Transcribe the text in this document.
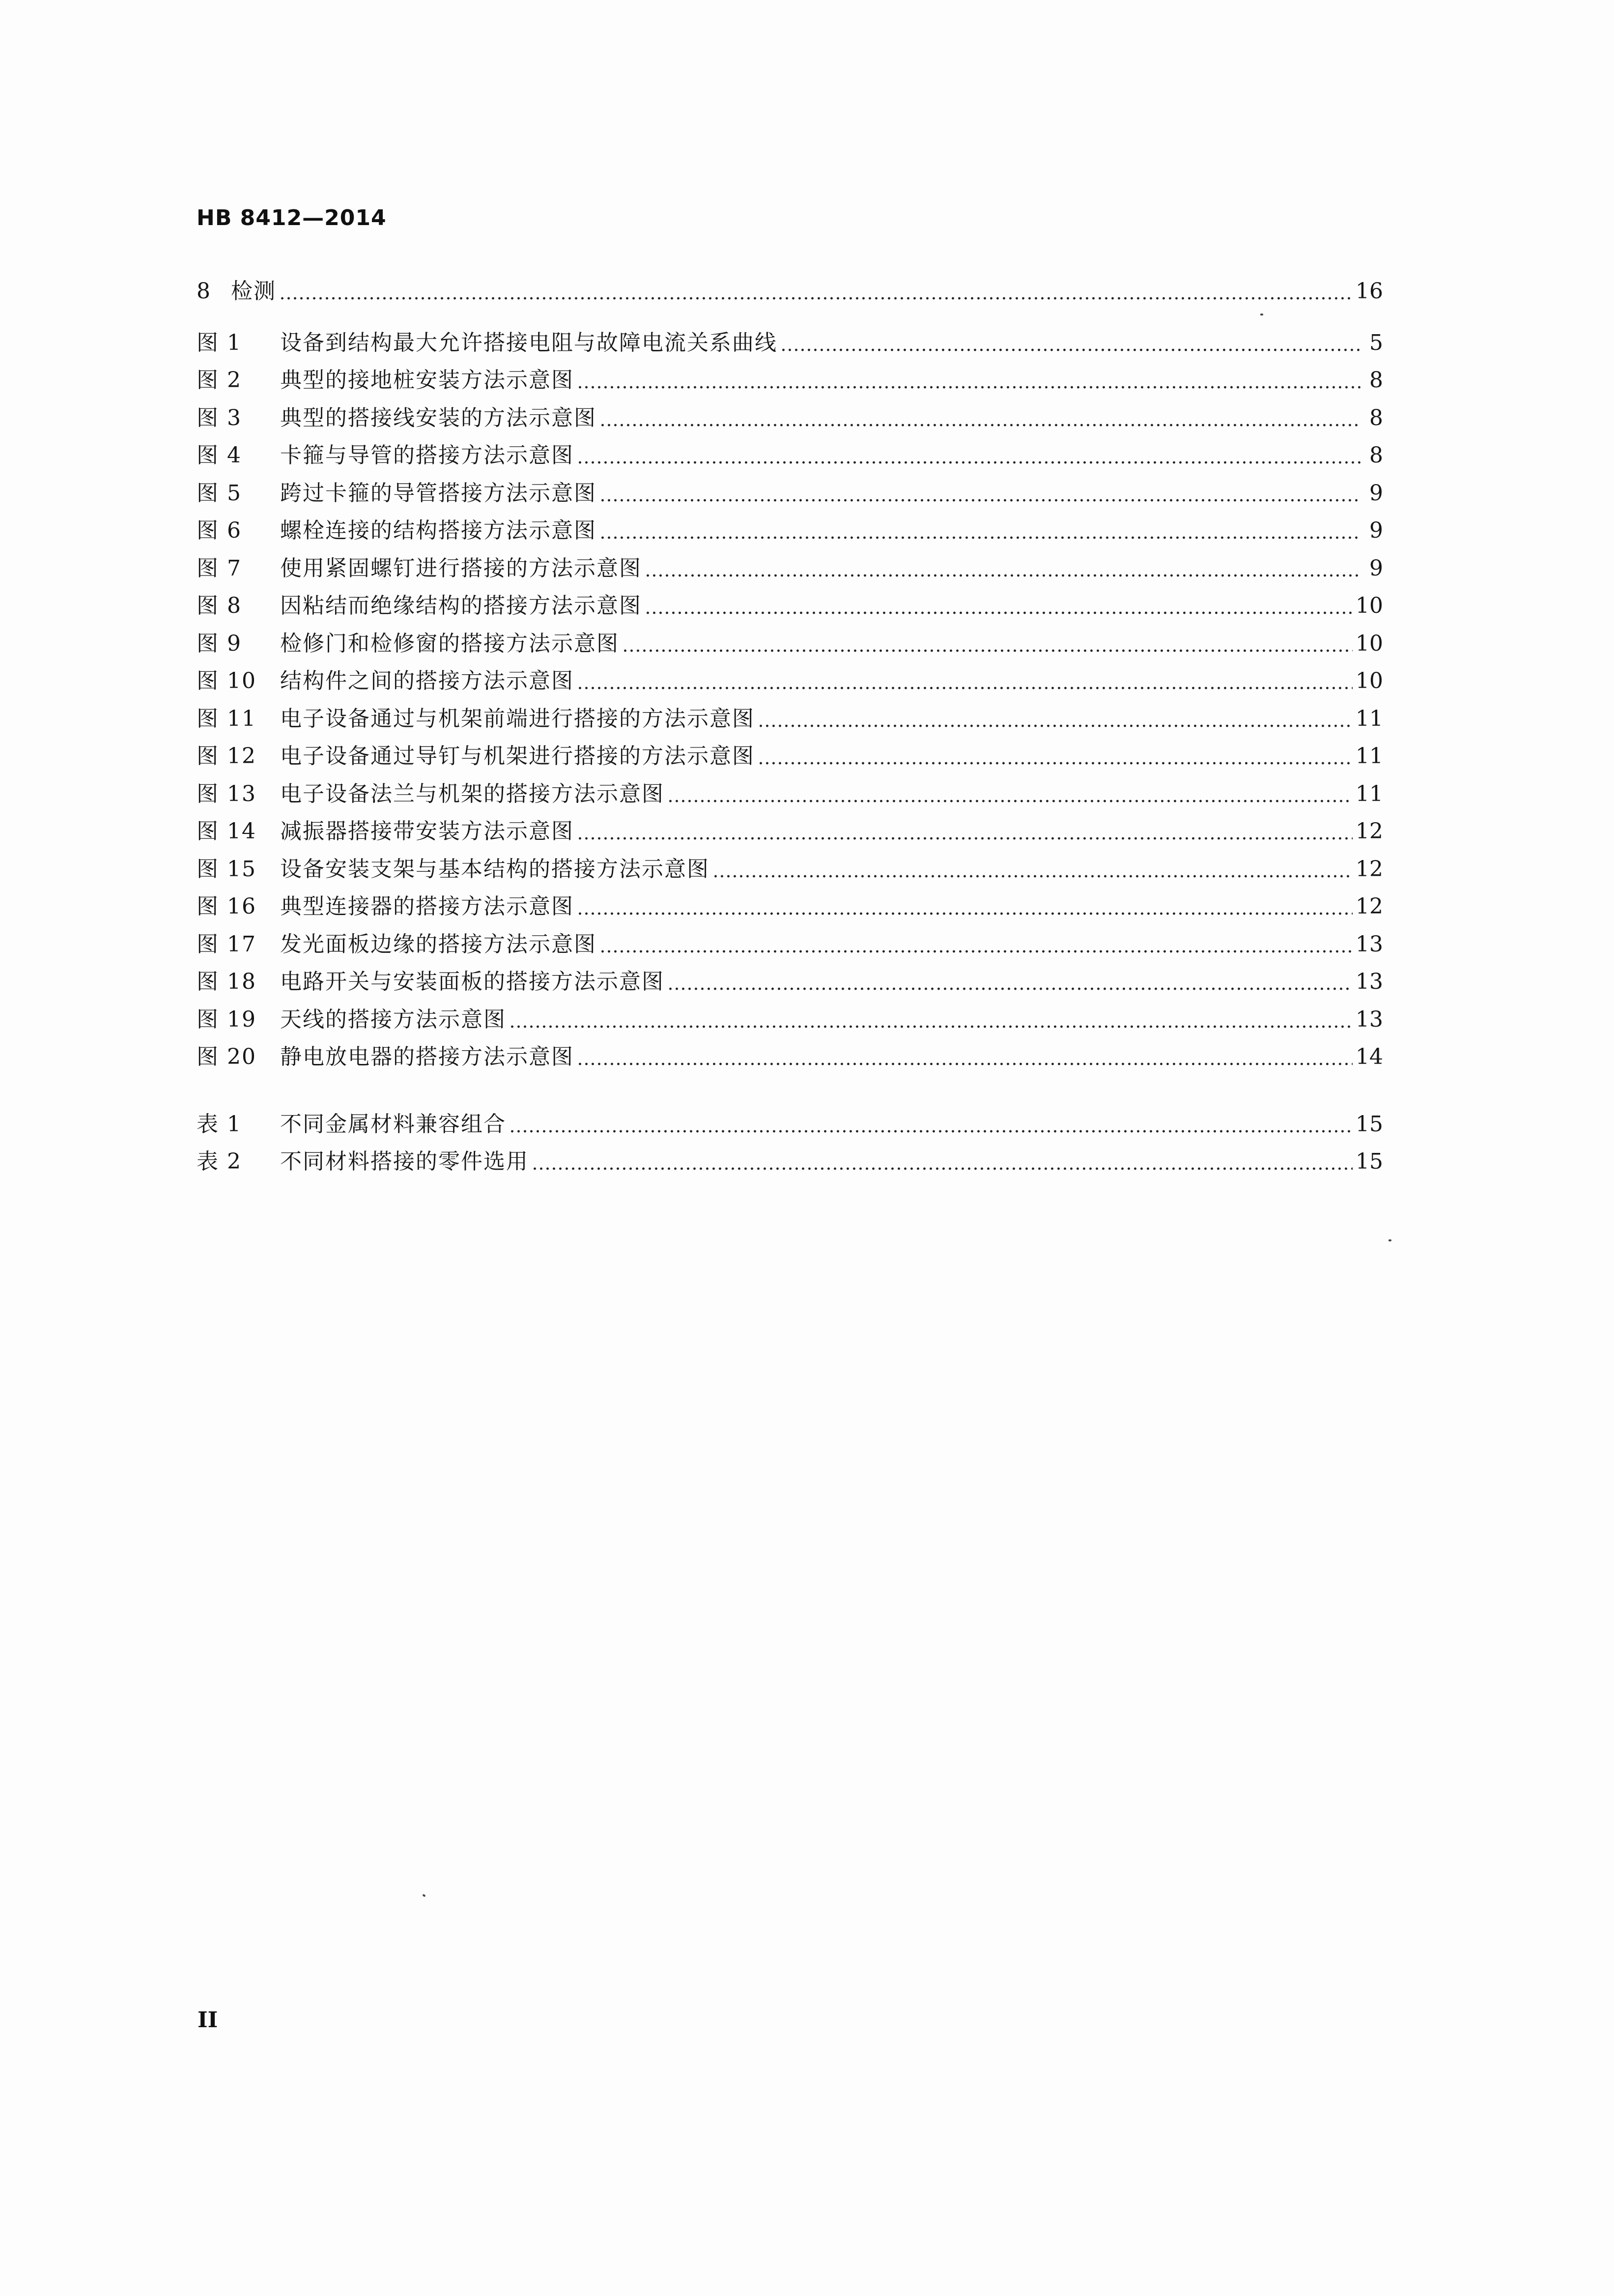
HB 8412—2014
8 检测	16
图 1	设备到结构最大允许搭接电阻与故障电流关系曲线	5
图 2	典型的接地桩安装方法示意图	8
图 3	典型的搭接线安装的方法示意图	8
图 4	卡箍与导管的搭接方法示意图	8
图 5	跨过卡箍的导管搭接方法示意图	9
图 6	螺栓连接的结构搭接方法示意图	9
图 7	使用紧固螺钉进行搭接的方法示意图	9
图 8	因粘结而绝缘结构的搭接方法示意图	10
图 9	检修门和检修窗的搭接方法示意图	10
图 10	结构件之间的搭接方法示意图	10
图 11	电子设备通过与机架前端进行搭接的方法示意图	11
图 12	电子设备通过导钉与机架进行搭接的方法示意图	11
图 13	电子设备法兰与机架的搭接方法示意图	11
图 14	减振器搭接带安装方法示意图	12
图 15	设备安装支架与基本结构的搭接方法示意图	12
图 16	典型连接器的搭接方法示意图	12
图 17	发光面板边缘的搭接方法示意图	13
图 18	电路开关与安装面板的搭接方法示意图	13
图 19	天线的搭接方法示意图	13
图 20	静电放电器的搭接方法示意图	14
表 1	不同金属材料兼容组合	15
表 2	不同材料搭接的零件选用	15
II
